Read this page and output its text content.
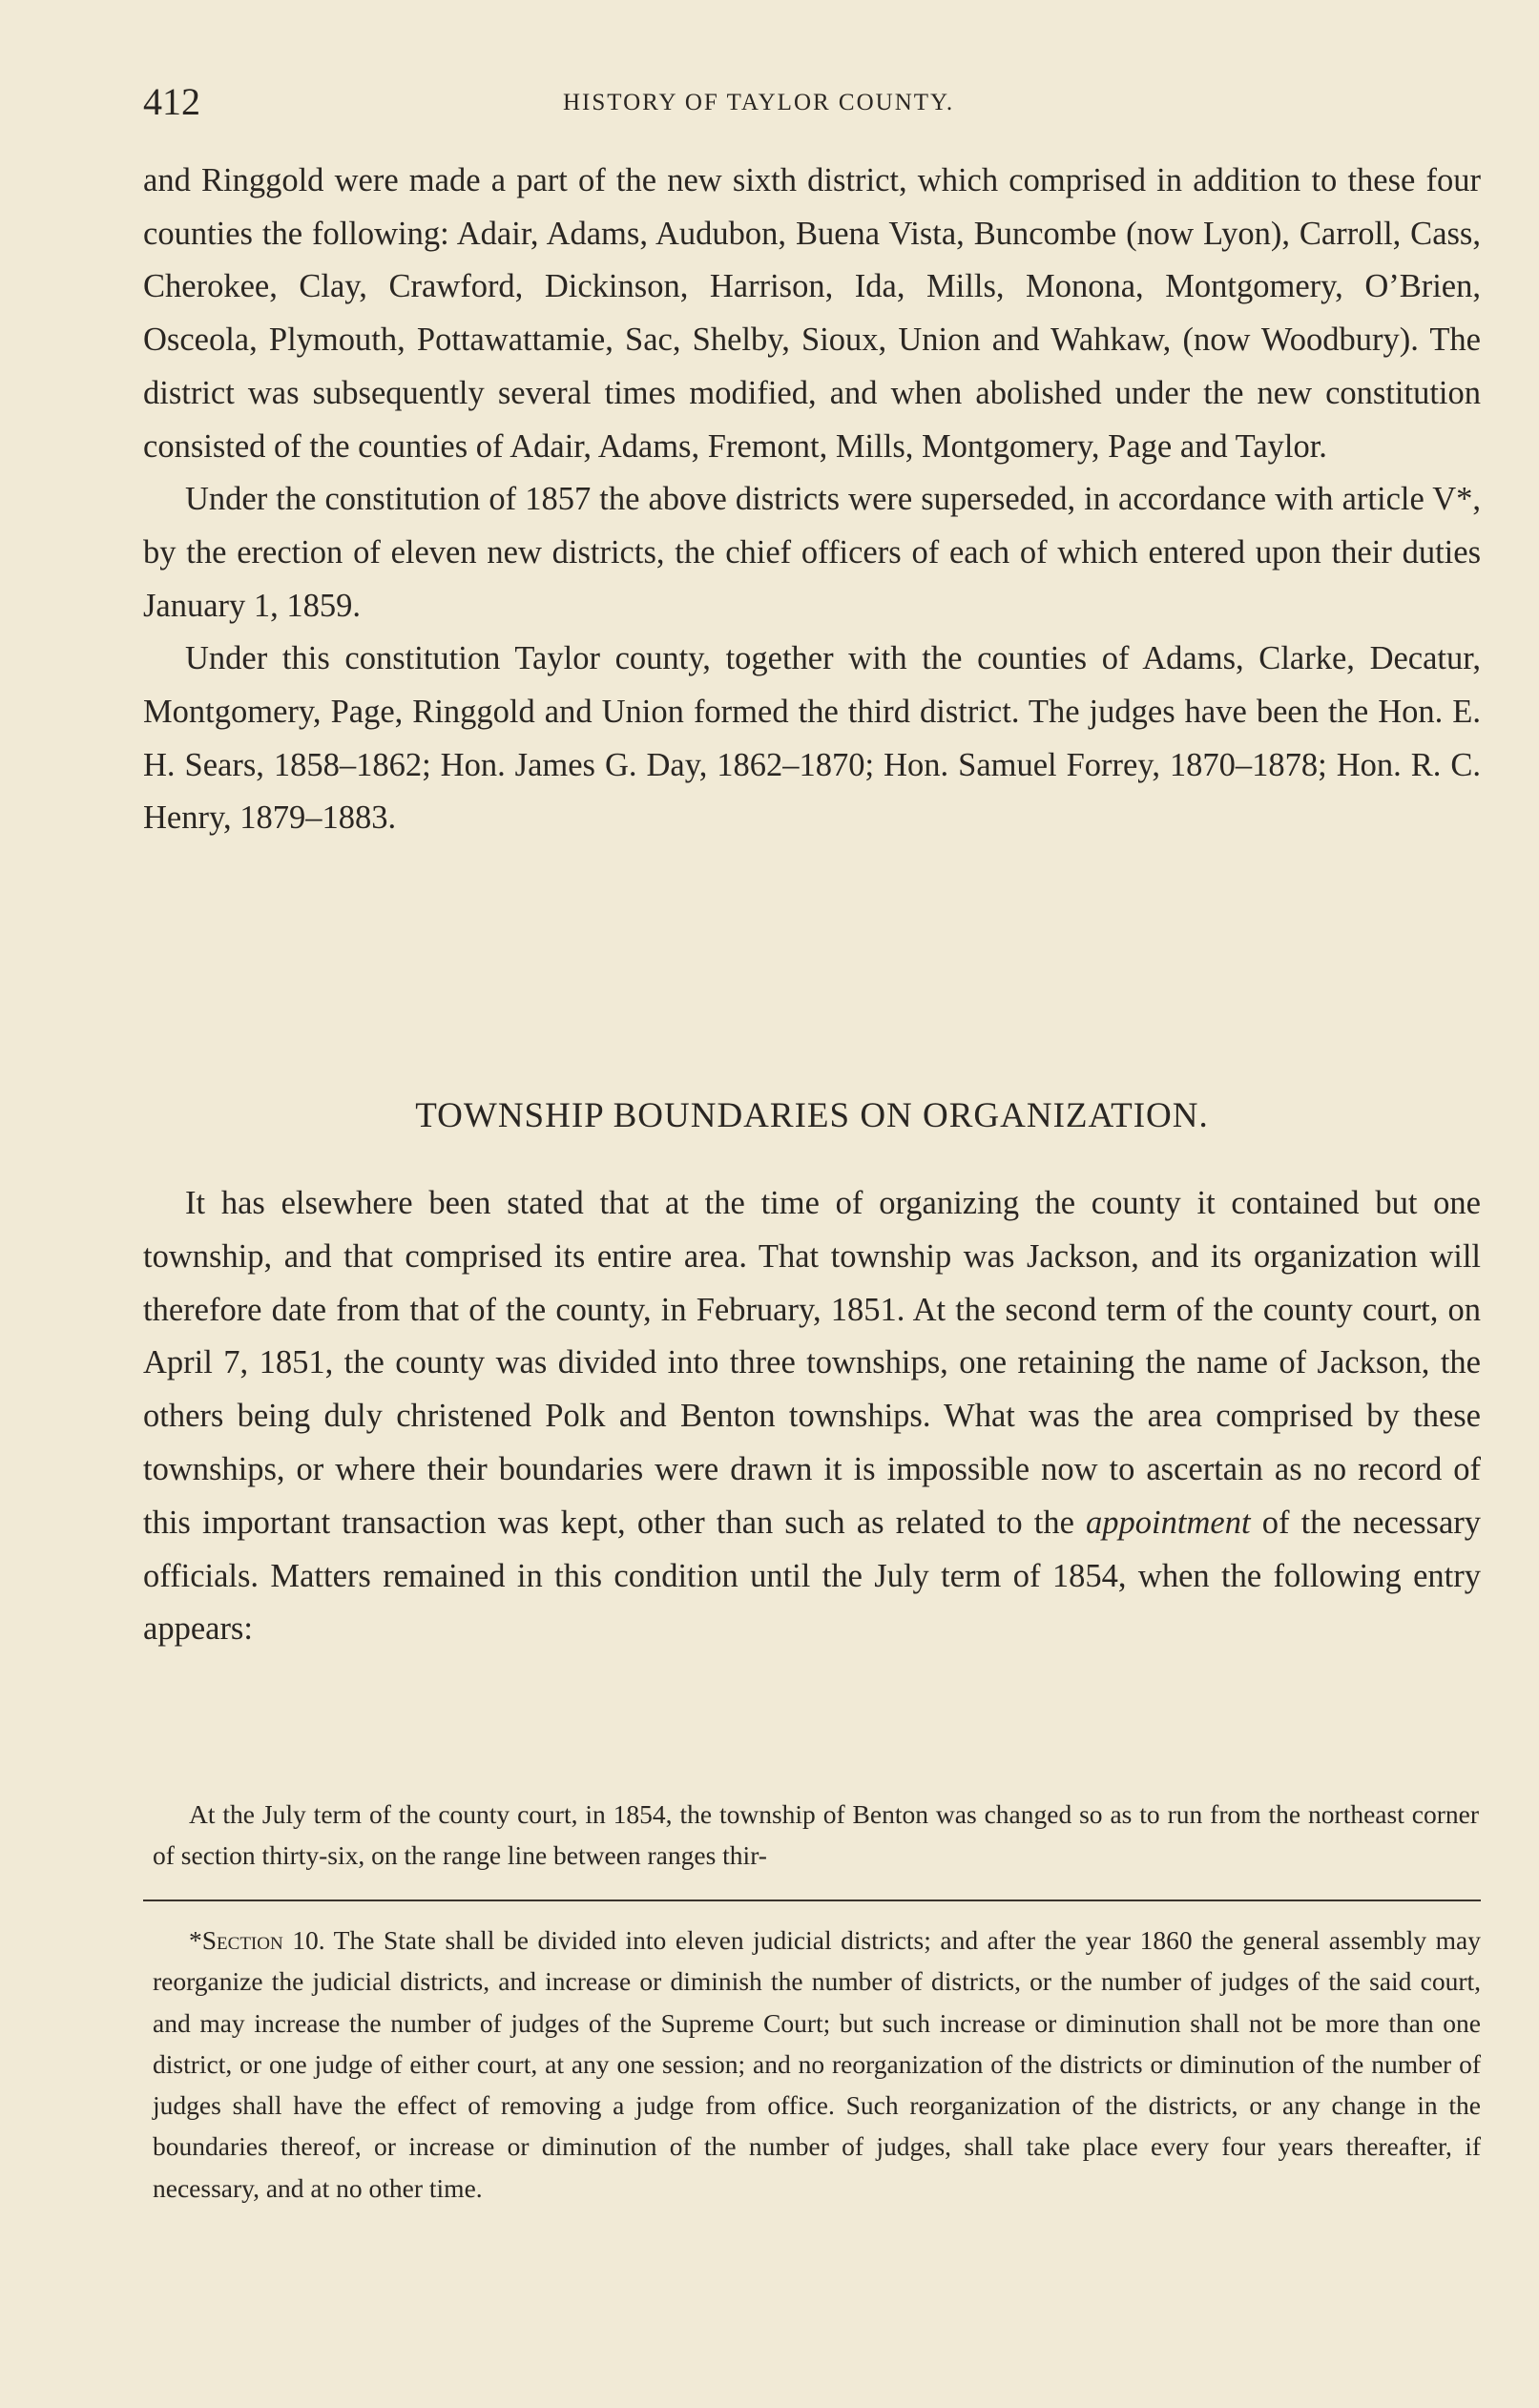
412	HISTORY OF TAYLOR COUNTY.

and Ringgold were made a part of the new sixth district, which comprised in addition to these four counties the following: Adair, Adams, Audubon, Buena Vista, Buncombe (now Lyon), Carroll, Cass, Cherokee, Clay, Crawford, Dickinson, Harrison, Ida, Mills, Monona, Montgomery, O’Brien, Osceola, Plymouth, Pottawattamie, Sac, Shelby, Sioux, Union and Wahkaw, (now Woodbury). The district was subsequently several times modified, and when abolished under the new constitution consisted of the counties of Adair, Adams, Fremont, Mills, Montgomery, Page and Taylor.

Under the constitution of 1857 the above districts were superseded, in accordance with article V*, by the erection of eleven new districts, the chief officers of each of which entered upon their duties January 1, 1859.

Under this constitution Taylor county, together with the counties of Adams, Clarke, Decatur, Montgomery, Page, Ringgold and Union formed the third district. The judges have been the Hon. E. H. Sears, 1858–1862; Hon. James G. Day, 1862–1870; Hon. Samuel Forrey, 1870–1878; Hon. R. C. Henry, 1879–1883.

TOWNSHIP BOUNDARIES ON ORGANIZATION.

It has elsewhere been stated that at the time of organizing the county it contained but one township, and that comprised its entire area. That township was Jackson, and its organization will therefore date from that of the county, in February, 1851. At the second term of the county court, on April 7, 1851, the county was divided into three townships, one retaining the name of Jackson, the others being duly christened Polk and Benton townships. What was the area comprised by these townships, or where their boundaries were drawn it is impossible now to ascertain as no record of this important transaction was kept, other than such as related to the appointment of the necessary officials. Matters remained in this condition until the July term of 1854, when the following entry appears:

At the July term of the county court, in 1854, the township of Benton was changed so as to run from the northeast corner of section thirty-six, on the range line between ranges thir-

*Section 10. The State shall be divided into eleven judicial districts; and after the year 1860 the general assembly may reorganize the judicial districts, and increase or diminish the number of districts, or the number of judges of the said court, and may increase the number of judges of the Supreme Court; but such increase or diminution shall not be more than one district, or one judge of either court, at any one session; and no reorganization of the districts or diminution of the number of judges shall have the effect of removing a judge from office. Such reorganization of the districts, or any change in the boundaries thereof, or increase or diminution of the number of judges, shall take place every four years thereafter, if necessary, and at no other time.
